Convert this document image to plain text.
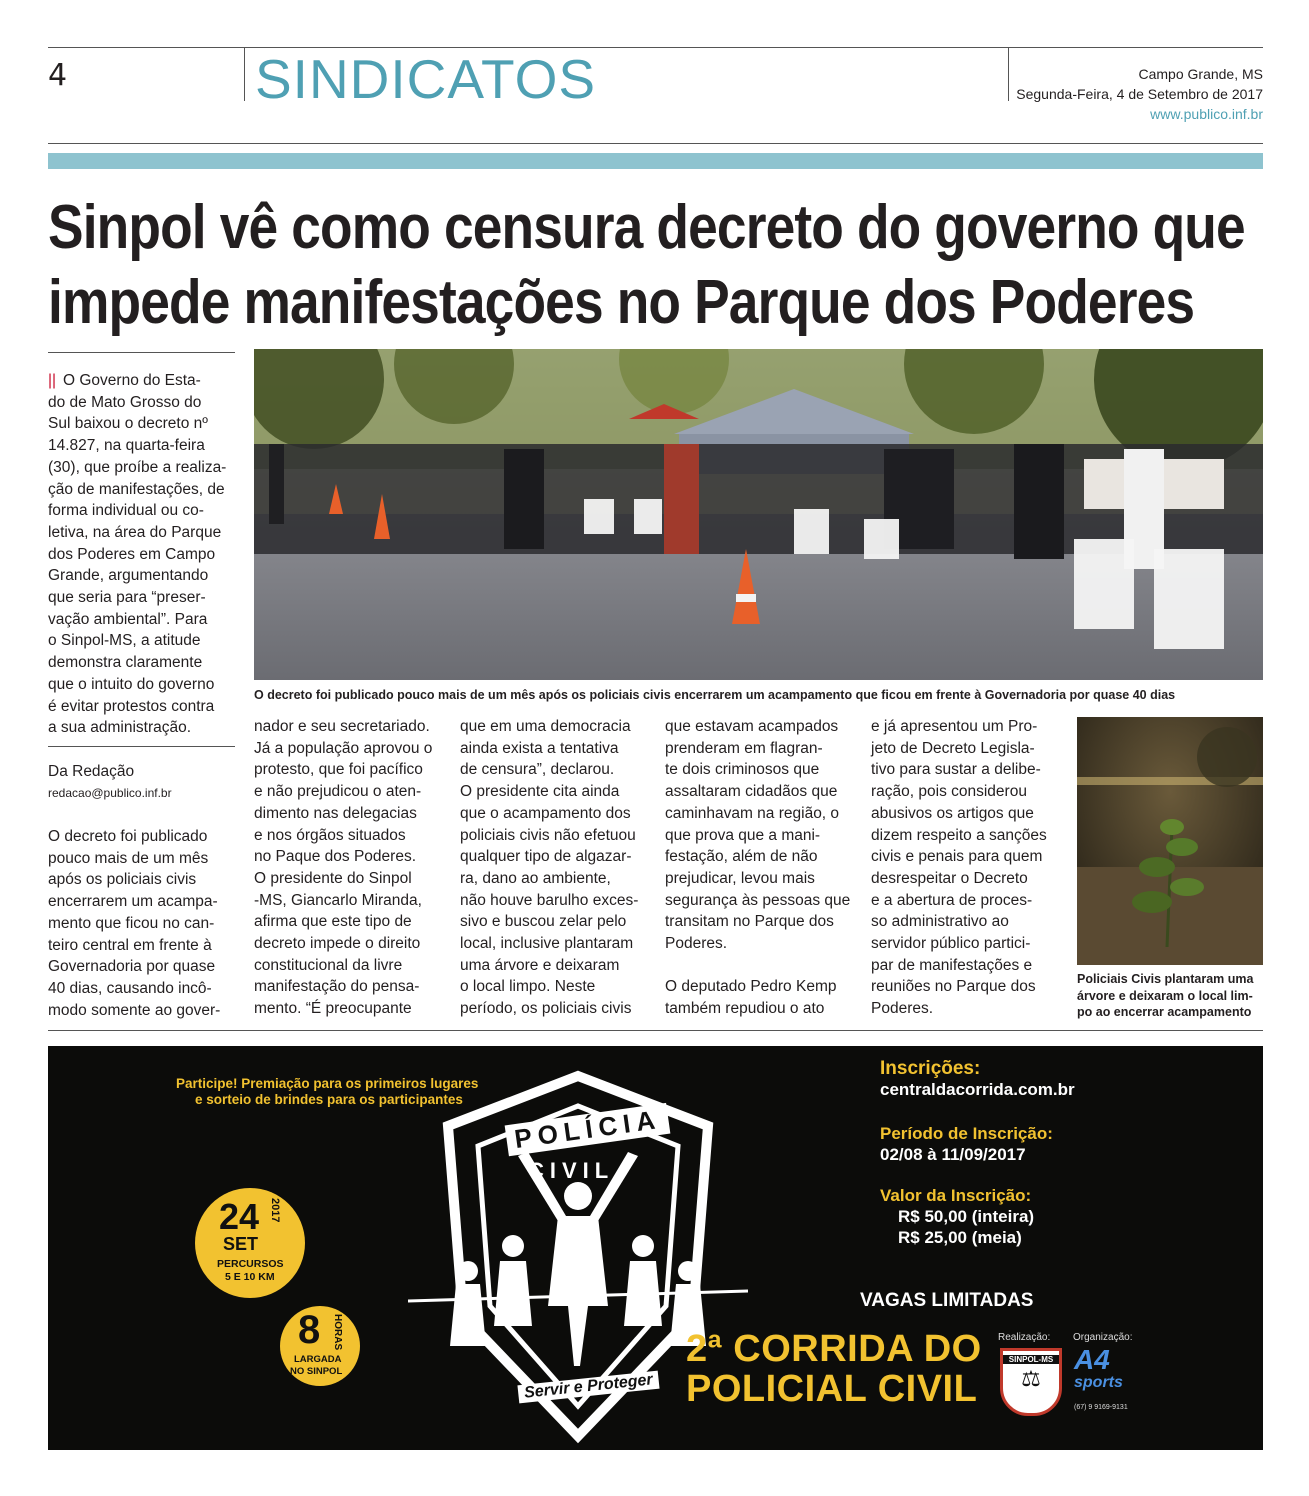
4	SINDICATOS	Campo Grande, MS
Segunda-Feira, 4 de Setembro de 2017
www.publico.inf.br
Sinpol vê como censura decreto do governo que
impede manifestações no Parque dos Poderes
|| O Governo do Esta-
do de Mato Grosso do
Sul baixou o decreto nº
14.827, na quarta-feira
(30), que proíbe a realiza-
ção de manifestações, de
forma individual ou co-
letiva, na área do Parque
dos Poderes em Campo
Grande, argumentando
que seria para “preser-
vação ambiental”. Para
o Sinpol-MS, a atitude
demonstra claramente
que o intuito do governo
é evitar protestos contra
a sua administração.
Da Redação
redacao@publico.inf.br
O decreto foi publicado
pouco mais de um mês
após os policiais civis
encerrarem um acampa-
mento que ficou no can-
teiro central em frente à
Governadoria por quase
40 dias, causando incô-
modo somente ao gover-
O decreto foi publicado pouco mais de um mês após os policiais civis encerrarem um acampamento que ficou em frente à Governadoria por quase 40 dias
nador e seu secretariado.
Já a população aprovou o
protesto, que foi pacífico
e não prejudicou o aten-
dimento nas delegacias
e nos órgãos situados
no Paque dos Poderes.
O presidente do Sinpol
-MS, Giancarlo Miranda,
afirma que este tipo de
decreto impede o direito
constitucional da livre
manifestação do pensa-
mento. “É preocupante
que em uma democracia
ainda exista a tentativa
de censura”, declarou.
O presidente cita ainda
que o acampamento dos
policiais civis não efetuou
qualquer tipo de algazar-
ra, dano ao ambiente,
não houve barulho exces-
sivo e buscou zelar pelo
local, inclusive plantaram
uma árvore e deixaram
o local limpo. Neste
período, os policiais civis
que estavam acampados
prenderam em flagran-
te dois criminosos que
assaltaram cidadãos que
caminhavam na região, o
que prova que a mani-
festação, além de não
prejudicar, levou mais
segurança às pessoas que
transitam no Parque dos
Poderes.
O deputado Pedro Kemp
também repudiou o ato
e já apresentou um Pro-
jeto de Decreto Legisla-
tivo para sustar a delibe-
ração, pois considerou
abusivos os artigos que
dizem respeito a sanções
civis e penais para quem
desrespeitar o Decreto
e a abertura de proces-
so administrativo ao
servidor público partici-
par de manifestações e
reuniões no Parque dos
Poderes.
Policiais Civis plantaram uma
árvore e deixaram o local lim-
po ao encerrar acampamento
Participe! Premiação para os primeiros lugares
e sorteio de brindes para os participantes
24 2017
SET
PERCURSOS
5 E 10 KM
8 HORAS
LARGADA
NO SINPOL
POLÍCIA
CIVIL
Servir e Proteger
Inscrições:
centraldacorrida.com.br
Período de Inscrição:
02/08 à 11/09/2017
Valor da Inscrição:
R$ 50,00 (inteira)
R$ 25,00 (meia)
VAGAS LIMITADAS
2ª CORRIDA DO
POLICIAL CIVIL
Realização: Organização:
SINPOL-MS
⚖
A4
sports
(67) 9 9169-9131
